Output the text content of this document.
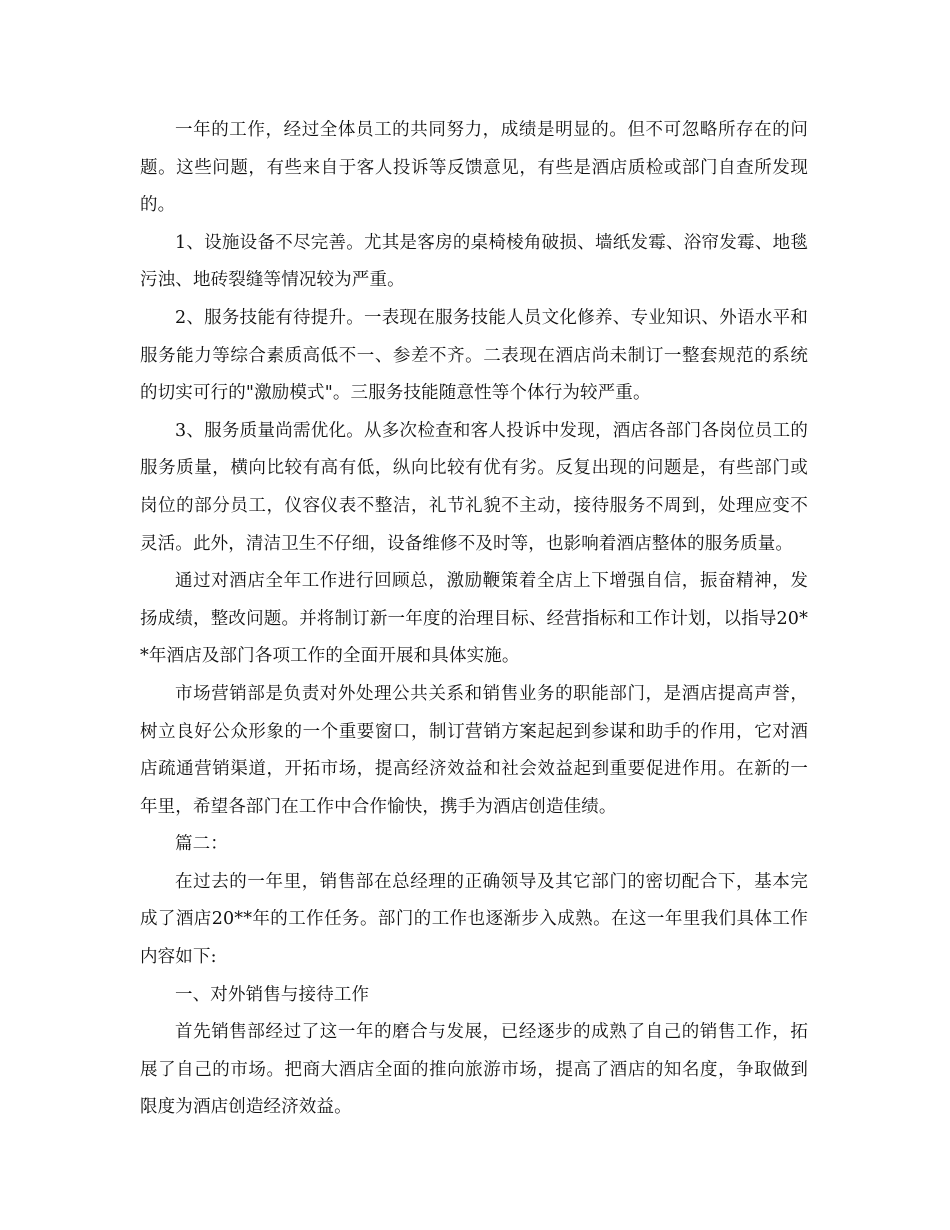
一年的工作，经过全体员工的共同努力，成绩是明显的。但不可忽略所存在的问题。这些问题，有些来自于客人投诉等反馈意见，有些是酒店质检或部门自查所发现的。

1、设施设备不尽完善。尤其是客房的桌椅棱角破损、墙纸发霉、浴帘发霉、地毯污浊、地砖裂缝等情况较为严重。

2、服务技能有待提升。一表现在服务技能人员文化修养、专业知识、外语水平和服务能力等综合素质高低不一、参差不齐。二表现在酒店尚未制订一整套规范的系统的切实可行的"激励模式"。三服务技能随意性等个体行为较严重。

3、服务质量尚需优化。从多次检查和客人投诉中发现，酒店各部门各岗位员工的服务质量，横向比较有高有低，纵向比较有优有劣。反复出现的问题是，有些部门或岗位的部分员工，仪容仪表不整洁，礼节礼貌不主动，接待服务不周到，处理应变不灵活。此外，清洁卫生不仔细，设备维修不及时等，也影响着酒店整体的服务质量。

通过对酒店全年工作进行回顾总，激励鞭策着全店上下增强自信，振奋精神，发扬成绩，整改问题。并将制订新一年度的治理目标、经营指标和工作计划，以指导20**年酒店及部门各项工作的全面开展和具体实施。

市场营销部是负责对外处理公共关系和销售业务的职能部门，是酒店提高声誉，树立良好公众形象的一个重要窗口，制订营销方案起起到参谋和助手的作用，它对酒店疏通营销渠道，开拓市场，提高经济效益和社会效益起到重要促进作用。在新的一年里，希望各部门在工作中合作愉快，携手为酒店创造佳绩。

篇二：

在过去的一年里，销售部在总经理的正确领导及其它部门的密切配合下，基本完成了酒店20**年的工作任务。部门的工作也逐渐步入成熟。在这一年里我们具体工作内容如下:

一、对外销售与接待工作

首先销售部经过了这一年的磨合与发展，已经逐步的成熟了自己的销售工作，拓展了自己的市场。把商大酒店全面的推向旅游市场，提高了酒店的知名度，争取做到限度为酒店创造经济效益。
